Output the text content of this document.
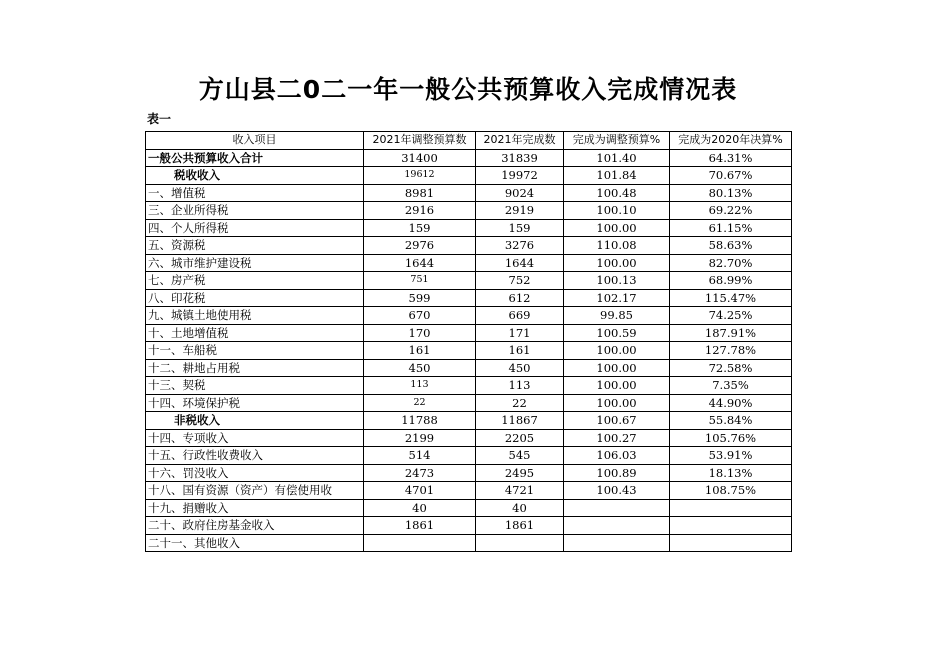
方山县二0二一年一般公共预算收入完成情况表
表一
收入项目	2021年调整预算数	2021年完成数	完成为调整预算%	完成为2020年决算%
一般公共预算收入合计	31400	31839	101.40	64.31%
税收收入	19612	19972	101.84	70.67%
一、增值税	8981	9024	100.48	80.13%
三、企业所得税	2916	2919	100.10	69.22%
四、个人所得税	159	159	100.00	61.15%
五、资源税	2976	3276	110.08	58.63%
六、城市维护建设税	1644	1644	100.00	82.70%
七、房产税	751	752	100.13	68.99%
八、印花税	599	612	102.17	115.47%
九、城镇土地使用税	670	669	99.85	74.25%
十、土地增值税	170	171	100.59	187.91%
十一、车船税	161	161	100.00	127.78%
十二、耕地占用税	450	450	100.00	72.58%
十三、契税	113	113	100.00	7.35%
十四、环境保护税	22	22	100.00	44.90%
非税收入	11788	11867	100.67	55.84%
十四、专项收入	2199	2205	100.27	105.76%
十五、行政性收费收入	514	545	106.03	53.91%
十六、罚没收入	2473	2495	100.89	18.13%
十八、国有资源（资产）有偿使用收	4701	4721	100.43	108.75%
十九、捐赠收入	40	40		
二十、政府住房基金收入	1861	1861		
二十一、其他收入				
